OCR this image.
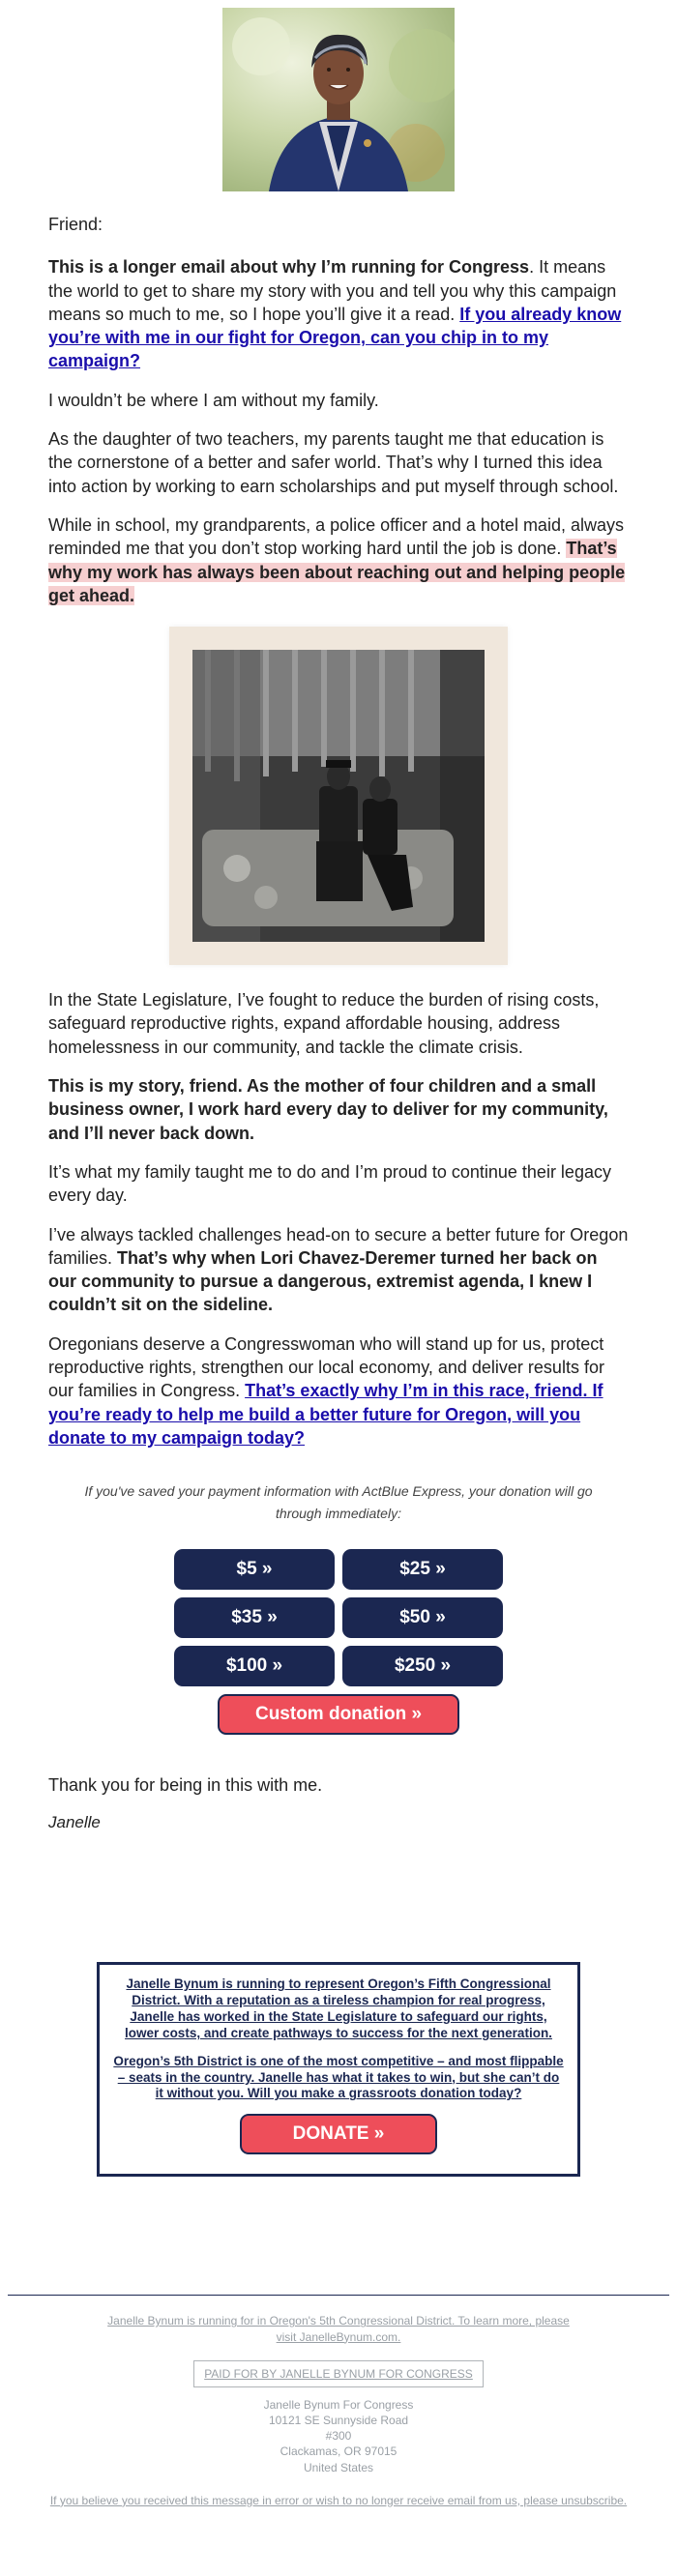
Friend:

This is a longer email about why I’m running for Congress. It means the world to get to share my story with you and tell you why this campaign means so much to me, so I hope you’ll give it a read. If you already know you’re with me in our fight for Oregon, can you chip in to my campaign?

I wouldn’t be where I am without my family.

As the daughter of two teachers, my parents taught me that education is the cornerstone of a better and safer world. That’s why I turned this idea into action by working to earn scholarships and put myself through school.

While in school, my grandparents, a police officer and a hotel maid, always reminded me that you don’t stop working hard until the job is done. That’s why my work has always been about reaching out and helping people get ahead.

In the State Legislature, I’ve fought to reduce the burden of rising costs, safeguard reproductive rights, expand affordable housing, address homelessness in our community, and tackle the climate crisis.

This is my story, friend. As the mother of four children and a small business owner, I work hard every day to deliver for my community, and I’ll never back down.

It’s what my family taught me to do and I’m proud to continue their legacy every day.

I’ve always tackled challenges head-on to secure a better future for Oregon families. That’s why when Lori Chavez-Deremer turned her back on our community to pursue a dangerous, extremist agenda, I knew I couldn’t sit on the sideline.

Oregonians deserve a Congresswoman who will stand up for us, protect reproductive rights, strengthen our local economy, and deliver results for our families in Congress. That’s exactly why I’m in this race, friend. If you’re ready to help me build a better future for Oregon, will you donate to my campaign today?

If you've saved your payment information with ActBlue Express, your donation will go through immediately:
$5 »	$25 »
$35 »	$50 »
$100 »	$250 »
Custom donation »

Thank you for being in this with me.

Janelle

Janelle Bynum is running to represent Oregon’s Fifth Congressional District. With a reputation as a tireless champion for real progress, Janelle has worked in the State Legislature to safeguard our rights, lower costs, and create pathways to success for the next generation.

Oregon’s 5th District is one of the most competitive – and most flippable – seats in the country. Janelle has what it takes to win, but she can’t do it without you. Will you make a grassroots donation today?

DONATE »
Janelle Bynum is running for in Oregon's 5th Congressional District. To learn more, please visit JanelleBynum.com.
PAID FOR BY JANELLE BYNUM FOR CONGRESS
Janelle Bynum For Congress
10121 SE Sunnyside Road
#300
Clackamas, OR 97015
United States
If you believe you received this message in error or wish to no longer receive email from us, please unsubscribe.
